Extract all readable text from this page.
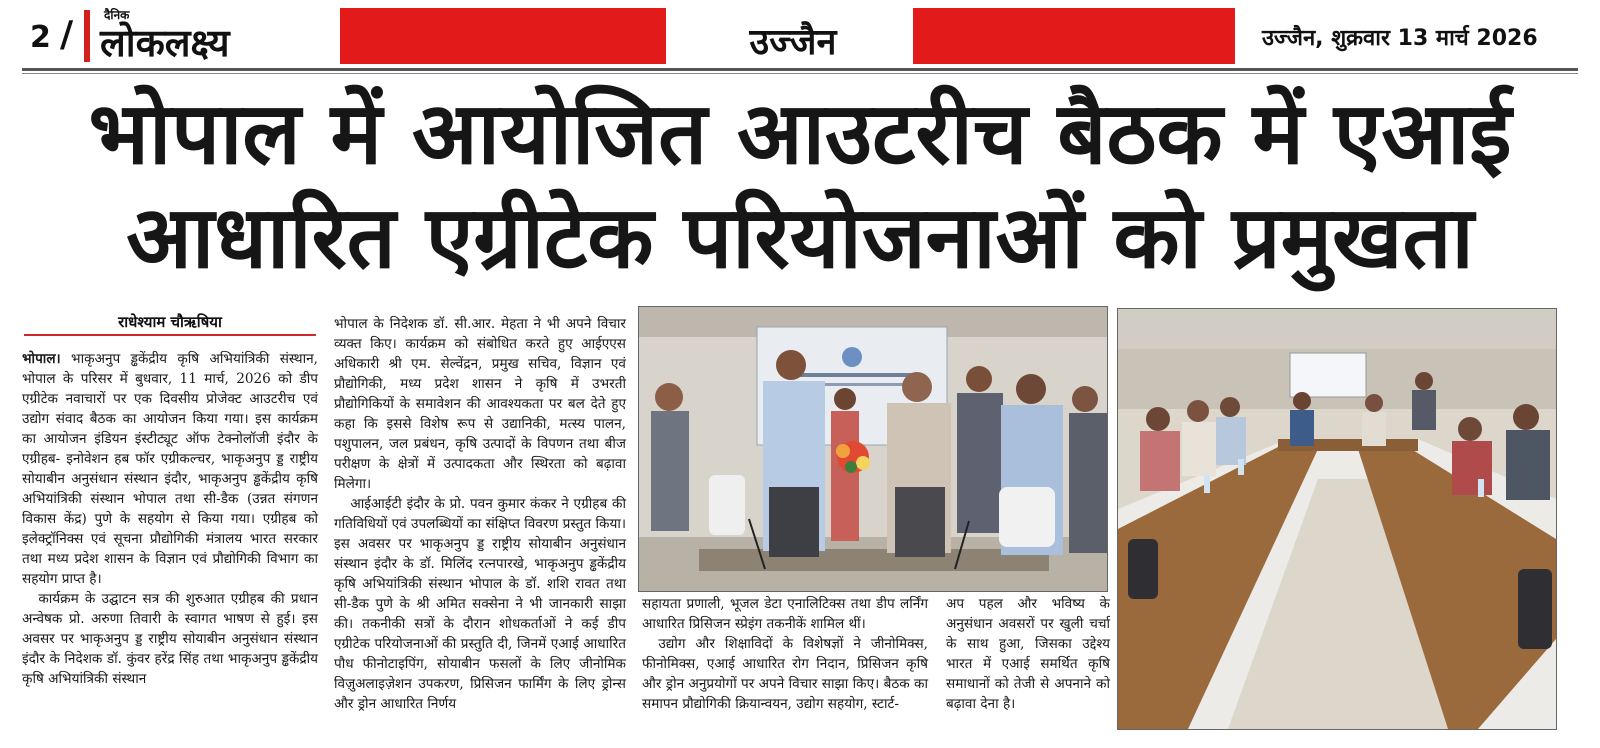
2 /	दैनिक
लोकलक्ष्य	उज्जैन	उज्जैन, शुक्रवार 13 मार्च 2026
भोपाल में आयोजित आउटरीच बैठक में एआई
आधारित एग्रीटेक परियोजनाओं को प्रमुखता
राधेश्याम चौऋषिया

भोपाल। भाकृअनुप ड्ढकेंद्रीय कृषि अभियांत्रिकी संस्थान, भोपाल के परिसर में बुधवार, 11 मार्च, 2026 को डीप एग्रीटेक नवाचारों पर एक दिवसीय प्रोजेक्ट आउटरीच एवं उद्योग संवाद बैठक का आयोजन किया गया। इस कार्यक्रम का आयोजन इंडियन इंस्टीट्यूट ऑफ टेक्नोलॉजी इंदौर के एग्रीहब- इनोवेशन हब फॉर एग्रीकल्चर, भाकृअनुप ड्ड राष्ट्रीय सोयाबीन अनुसंधान संस्थान इंदौर, भाकृअनुप ड्ढकेंद्रीय कृषि अभियांत्रिकी संस्थान भोपाल तथा सी-डैक (उन्नत संगणन विकास केंद्र) पुणे के सहयोग से किया गया। एग्रीहब को इलेक्ट्रॉनिक्स एवं सूचना प्रौद्योगिकी मंत्रालय भारत सरकार तथा मध्य प्रदेश शासन के विज्ञान एवं प्रौद्योगिकी विभाग का सहयोग प्राप्त है।

कार्यक्रम के उद्घाटन सत्र की शुरुआत एग्रीहब की प्रधान अन्वेषक प्रो. अरुणा तिवारी के स्वागत भाषण से हुई। इस अवसर पर भाकृअनुप ड्ड राष्ट्रीय सोयाबीन अनुसंधान संस्थान इंदौर के निदेशक डॉ. कुंवर हरेंद्र सिंह तथा भाकृअनुप ड्ढकेंद्रीय कृषि अभियांत्रिकी संस्थान

भोपाल के निदेशक डॉ. सी.आर. मेहता ने भी अपने विचार व्यक्त किए। कार्यक्रम को संबोधित करते हुए आईएएस अधिकारी श्री एम. सेल्वेंद्रन, प्रमुख सचिव, विज्ञान एवं प्रौद्योगिकी, मध्य प्रदेश शासन ने कृषि में उभरती प्रौद्योगिकियों के समावेशन की आवश्यकता पर बल देते हुए कहा कि इससे विशेष रूप से उद्यानिकी, मत्स्य पालन, पशुपालन, जल प्रबंधन, कृषि उत्पादों के विपणन तथा बीज परीक्षण के क्षेत्रों में उत्पादकता और स्थिरता को बढ़ावा मिलेगा।

आईआईटी इंदौर के प्रो. पवन कुमार कंकर ने एग्रीहब की गतिविधियों एवं उपलब्धियों का संक्षिप्त विवरण प्रस्तुत किया। इस अवसर पर भाकृअनुप ड्ड राष्ट्रीय सोयाबीन अनुसंधान संस्थान इंदौर के डॉ. मिलिंद रत्नपारखे, भाकृअनुप ड्ढकेंद्रीय कृषि अभियांत्रिकी संस्थान भोपाल के डॉ. शशि रावत तथा सी-डैक पुणे के श्री अमित सक्सेना ने भी जानकारी साझा की। तकनीकी सत्रों के दौरान शोधकर्ताओं ने कई डीप एग्रीटेक परियोजनाओं की प्रस्तुति दी, जिनमें एआई आधारित पौध फीनोटाइपिंग, सोयाबीन फसलों के लिए जीनोमिक विज़ुअलाइज़ेशन उपकरण, प्रिसिजन फार्मिंग के लिए ड्रोन्स और ड्रोन आधारित निर्णय

सहायता प्रणाली, भूजल डेटा एनालिटिक्स तथा डीप लर्निंग आधारित प्रिसिजन स्प्रेइंग तकनीकें शामिल थीं।

उद्योग और शिक्षाविदों के विशेषज्ञों ने जीनोमिक्स, फीनोमिक्स, एआई आधारित रोग निदान, प्रिसिजन कृषि और ड्रोन अनुप्रयोगों पर अपने विचार साझा किए। बैठक का समापन प्रौद्योगिकी क्रियान्वयन, उद्योग सहयोग, स्टार्ट-

अप पहल और भविष्य के अनुसंधान अवसरों पर खुली चर्चा के साथ हुआ, जिसका उद्देश्य भारत में एआई समर्थित कृषि समाधानों को तेजी से अपनाने को बढ़ावा देना है।
